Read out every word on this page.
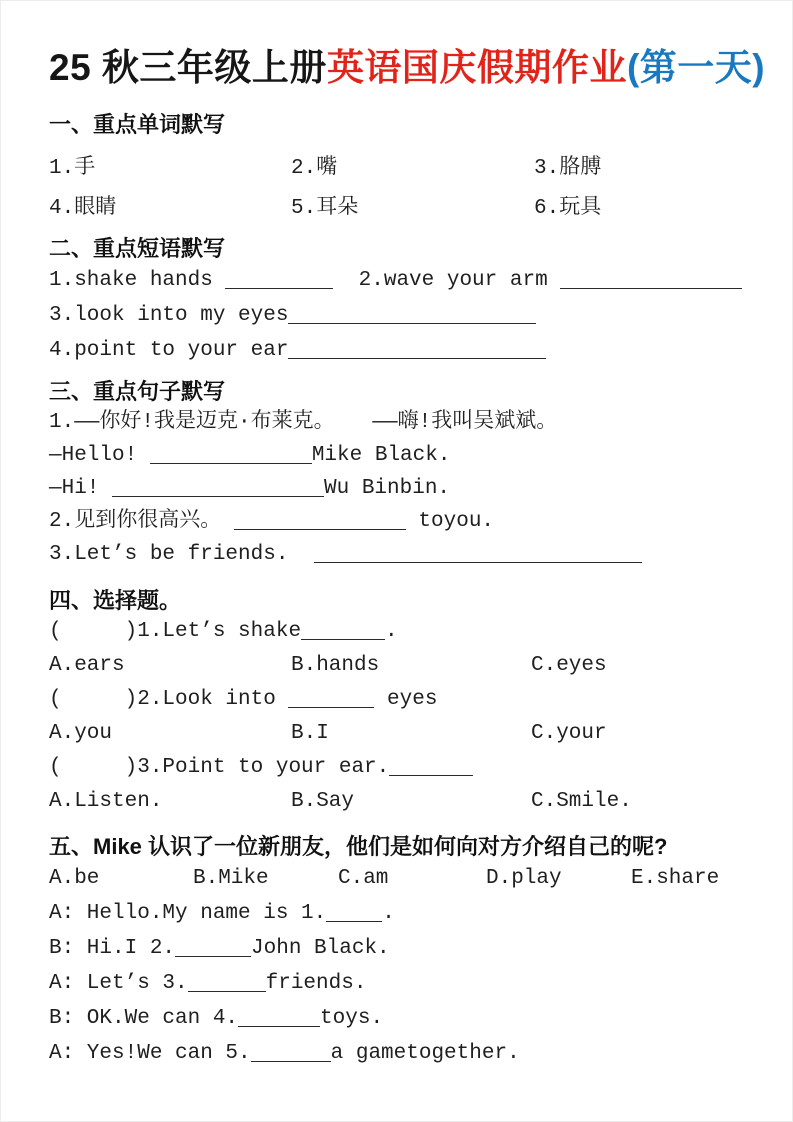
25 秋三年级上册英语国庆假期作业(第一天)
一、重点单词默写
1.手	2.嘴	3.胳膊
4.眼睛	5.耳朵	6.玩具
二、重点短语默写
1.shake hands	2.wave your arm
3.look into my eyes
4.point to your ear
三、重点句子默写
1.——你好!我是迈克·布莱克。   ——嗨!我叫吴斌斌。
—Hello!	Mike Black.
—Hi!	Wu Binbin.
2.见到你很高兴。	toyou.
3.Let’s be friends.
四、选择题。
(     )1.Let’s shake	.
A.ears	B.hands	C.eyes
(     )2.Look into	eyes
A.you	B.I	C.your
(     )3.Point to your ear.
A.Listen.	B.Say	C.Smile.
五、Mike 认识了一位新朋友，他们是如何向对方介绍自己的呢?
A.be	B.Mike	C.am	D.play	E.share
A: Hello.My name is 1.	.
B: Hi.I 2.	John Black.
A: Let’s 3.	friends.
B: OK.We can 4.	toys.
A: Yes!We can 5.	a gametogether.
